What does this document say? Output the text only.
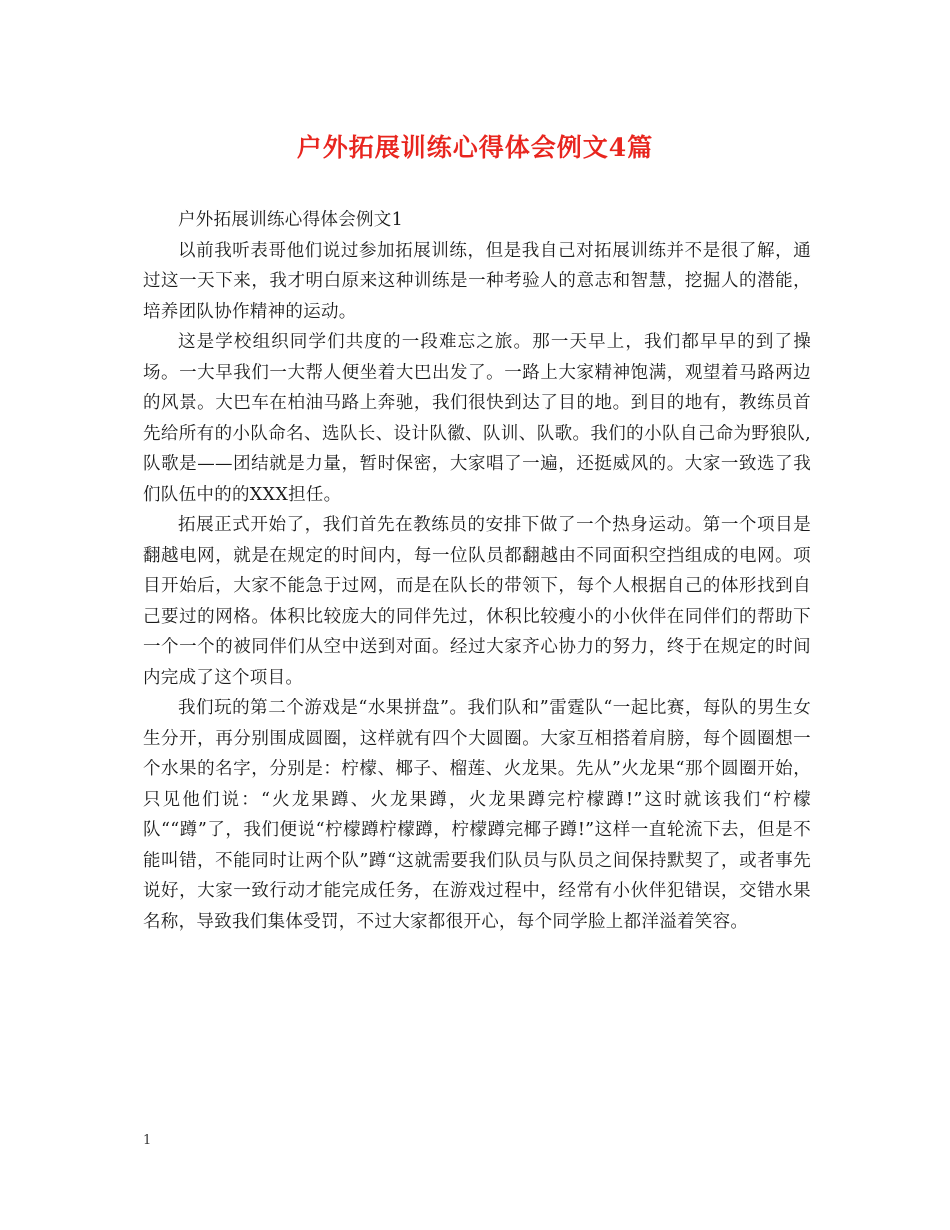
户外拓展训练心得体会例文4篇

户外拓展训练心得体会例文1

以前我听表哥他们说过参加拓展训练，但是我自己对拓展训练并不是很了解，通过这一天下来，我才明白原来这种训练是一种考验人的意志和智慧，挖掘人的潜能，培养团队协作精神的运动。

这是学校组织同学们共度的一段难忘之旅。那一天早上，我们都早早的到了操场。一大早我们一大帮人便坐着大巴出发了。一路上大家精神饱满，观望着马路两边的风景。大巴车在柏油马路上奔驰，我们很快到达了目的地。到目的地有，教练员首先给所有的小队命名、选队长、设计队徽、队训、队歌。我们的小队自己命为野狼队,队歌是——团结就是力量，暂时保密，大家唱了一遍，还挺威风的。大家一致选了我们队伍中的的XXX担任。

拓展正式开始了，我们首先在教练员的安排下做了一个热身运动。第一个项目是翻越电网，就是在规定的时间内，每一位队员都翻越由不同面积空挡组成的电网。项目开始后，大家不能急于过网，而是在队长的带领下，每个人根据自己的体形找到自己要过的网格。体积比较庞大的同伴先过，休积比较瘦小的小伙伴在同伴们的帮助下一个一个的被同伴们从空中送到对面。经过大家齐心协力的努力，终于在规定的时间内完成了这个项目。

我们玩的第二个游戏是“水果拼盘”。我们队和”雷霆队“一起比赛，每队的男生女生分开，再分别围成圆圈，这样就有四个大圆圈。大家互相搭着肩膀，每个圆圈想一个水果的名字，分别是：柠檬、椰子、榴莲、火龙果。先从”火龙果“那个圆圈开始，只见他们说：“火龙果蹲、火龙果蹲，火龙果蹲完柠檬蹲!”这时就该我们“柠檬队““蹲”了，我们便说“柠檬蹲柠檬蹲，柠檬蹲完椰子蹲!”这样一直轮流下去，但是不能叫错，不能同时让两个队”蹲“这就需要我们队员与队员之间保持默契了，或者事先说好，大家一致行动才能完成任务，在游戏过程中，经常有小伙伴犯错误，交错水果名称，导致我们集体受罚，不过大家都很开心，每个同学脸上都洋溢着笑容。

1
